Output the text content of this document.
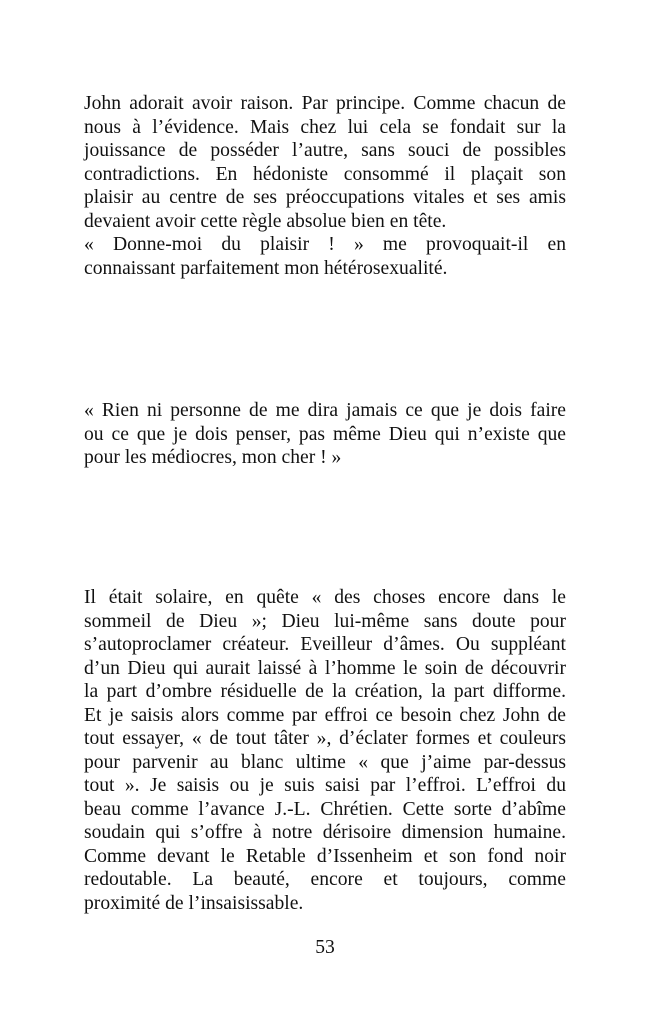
John adorait avoir raison. Par principe. Comme chacun de
nous à l’évidence. Mais chez lui cela se fondait sur la
jouissance de posséder l’autre, sans souci de possibles
contradictions. En hédoniste consommé il plaçait son
plaisir au centre de ses préoccupations vitales et ses amis
devaient avoir cette règle absolue bien en tête.
« Donne-moi du plaisir ! » me provoquait-il en
connaissant parfaitement mon hétérosexualité.
« Rien ni personne de me dira jamais ce que je dois faire
ou ce que je dois penser, pas même Dieu qui n’existe que
pour les médiocres, mon cher ! »
Il était solaire, en quête « des choses encore dans le
sommeil de Dieu »; Dieu lui-même sans doute pour
s’autoproclamer créateur. Eveilleur d’âmes. Ou suppléant
d’un Dieu qui aurait laissé à l’homme le soin de découvrir
la part d’ombre résiduelle de la création, la part difforme.
Et je saisis alors comme par effroi ce besoin chez John de
tout essayer, « de tout tâter », d’éclater formes et couleurs
pour parvenir au blanc ultime « que j’aime par-dessus
tout ». Je saisis ou je suis saisi par l’effroi. L’effroi du
beau comme l’avance J.-L. Chrétien. Cette sorte d’abîme
soudain qui s’offre à notre dérisoire dimension humaine.
Comme devant le Retable d’Issenheim et son fond noir
redoutable. La beauté, encore et toujours, comme
proximité de l’insaisissable.

53
